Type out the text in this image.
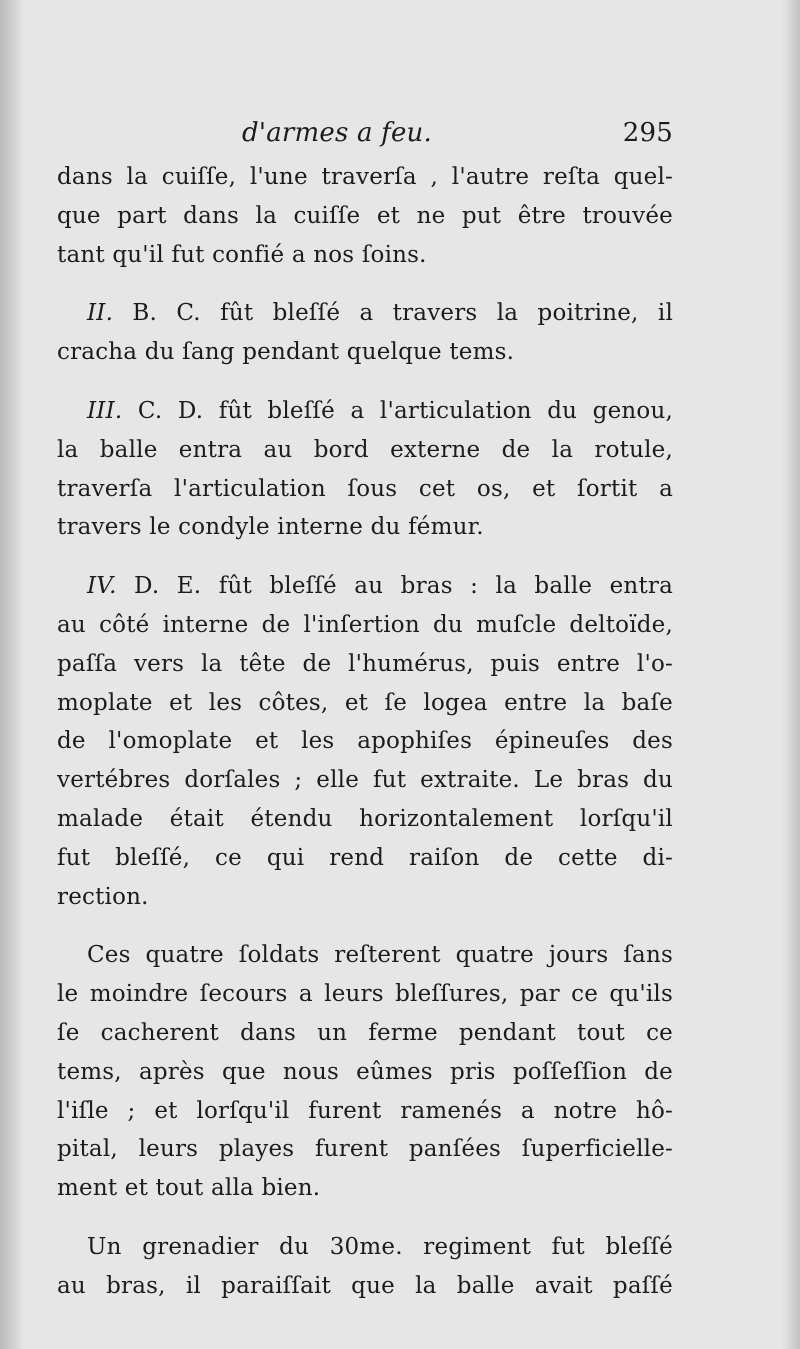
d'armes a feu.	295
dans la cuiſſe, l'une traverſa , l'autre reſta quel-
que part dans la cuiſſe et ne put être trouvée
tant qu'il fut confié a nos ſoins.
II. B. C. fût bleſſé a travers la poitrine, il
cracha du ſang pendant quelque tems.
III. C. D. fût bleſſé a l'articulation du genou,
la balle entra au bord externe de la rotule,
traverſa l'articulation ſous cet os, et ſortit a
travers le condyle interne du fémur.
IV. D. E. fût bleſſé au bras : la balle entra
au côté interne de l'inſertion du muſcle deltoïde,
paſſa vers la tête de l'humérus, puis entre l'o-
moplate et les côtes, et ſe logea entre la baſe
de l'omoplate et les apophiſes épineuſes des
vertébres dorſales ; elle fut extraite. Le bras du
malade était étendu horizontalement lorſqu'il
fut bleſſé, ce qui rend raiſon de cette di-
rection.
Ces quatre ſoldats reſterent quatre jours ſans
le moindre ſecours a leurs bleſſures, par ce qu'ils
ſe cacherent dans un ferme pendant tout ce
tems, après que nous eûmes pris poſſeſſion de
l'iſle ; et lorſqu'il furent ramenés a notre hô-
pital, leurs playes furent panſées ſuperficielle-
ment et tout alla bien.
Un grenadier du 30me. regiment fut bleſſé
au bras, il paraiſſait que la balle avait paſſé
